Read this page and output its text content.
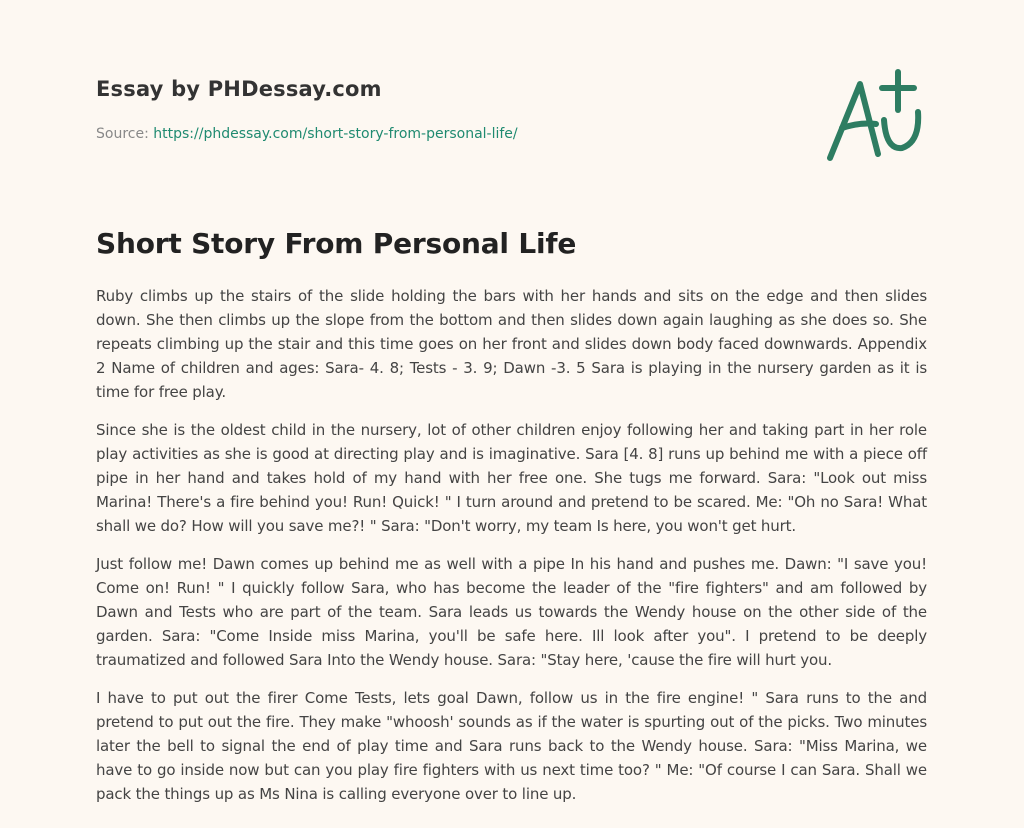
Essay by PHDessay.com
Source: https://phdessay.com/short-story-from-personal-life/
Short Story From Personal Life

Ruby climbs up the stairs of the slide holding the bars with her hands and sits on the edge and then slides down. She then climbs up the slope from the bottom and then slides down again laughing as she does so. She repeats climbing up the stair and this time goes on her front and slides down body faced downwards. Appendix 2 Name of children and ages: Sara- 4. 8; Tests - 3. 9; Dawn -3. 5 Sara is playing in the nursery garden as it is time for free play.

Since she is the oldest child in the nursery, lot of other children enjoy following her and taking part in her role play activities as she is good at directing play and is imaginative. Sara [4. 8] runs up behind me with a piece off pipe in her hand and takes hold of my hand with her free one. She tugs me forward. Sara: "Look out miss Marina! There's a fire behind you! Run! Quick! " I turn around and pretend to be scared. Me: "Oh no Sara! What shall we do? How will you save me?! " Sara: "Don't worry, my team Is here, you won't get hurt.

Just follow me! Dawn comes up behind me as well with a pipe In his hand and pushes me. Dawn: "I save you! Come on! Run! " I quickly follow Sara, who has become the leader of the "fire fighters" and am followed by Dawn and Tests who are part of the team. Sara leads us towards the Wendy house on the other side of the garden. Sara: "Come Inside miss Marina, you'll be safe here. Ill look after you". I pretend to be deeply traumatized and followed Sara Into the Wendy house. Sara: "Stay here, 'cause the fire will hurt you.

I have to put out the firer Come Tests, lets goal Dawn, follow us in the fire engine! " Sara runs to the and pretend to put out the fire. They make "whoosh' sounds as if the water is spurting out of the picks. Two minutes later the bell to signal the end of play time and Sara runs back to the Wendy house. Sara: "Miss Marina, we have to go inside now but can you play fire fighters with us next time too? " Me: "Of course I can Sara. Shall we pack the things up as Ms Nina is calling everyone over to line up.
